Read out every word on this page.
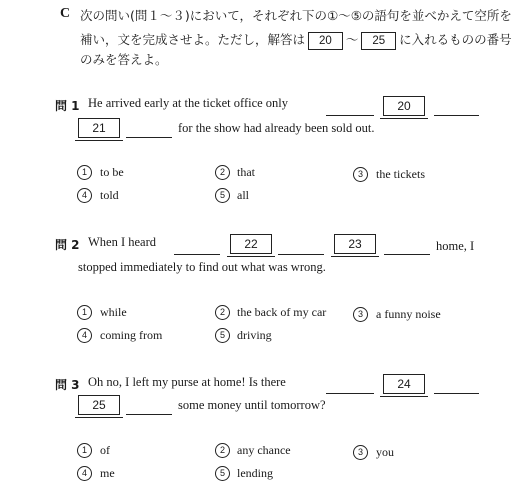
C 次の問い(問１～３)において，それぞれ下の①～⑤の語句を並べかえて空所を
補い，文を完成させよ。ただし，解答は 20 ～ 25 に入れるものの番号
のみを答えよ。
問 1 He arrived early at the ticket office only	20
21	for the show had already been sold out.
1	to be	2	that	3	the tickets
4	told	5	all
問 2 When I heard	22	23	home, I
stopped immediately to find out what was wrong.
1	while	2	the back of my car	3	a funny noise
4	coming from	5	driving
問 3 Oh no, I left my purse at home! Is there	24
25	some money until tomorrow?
1	of	2	any chance	3	you
4	me	5	lending
